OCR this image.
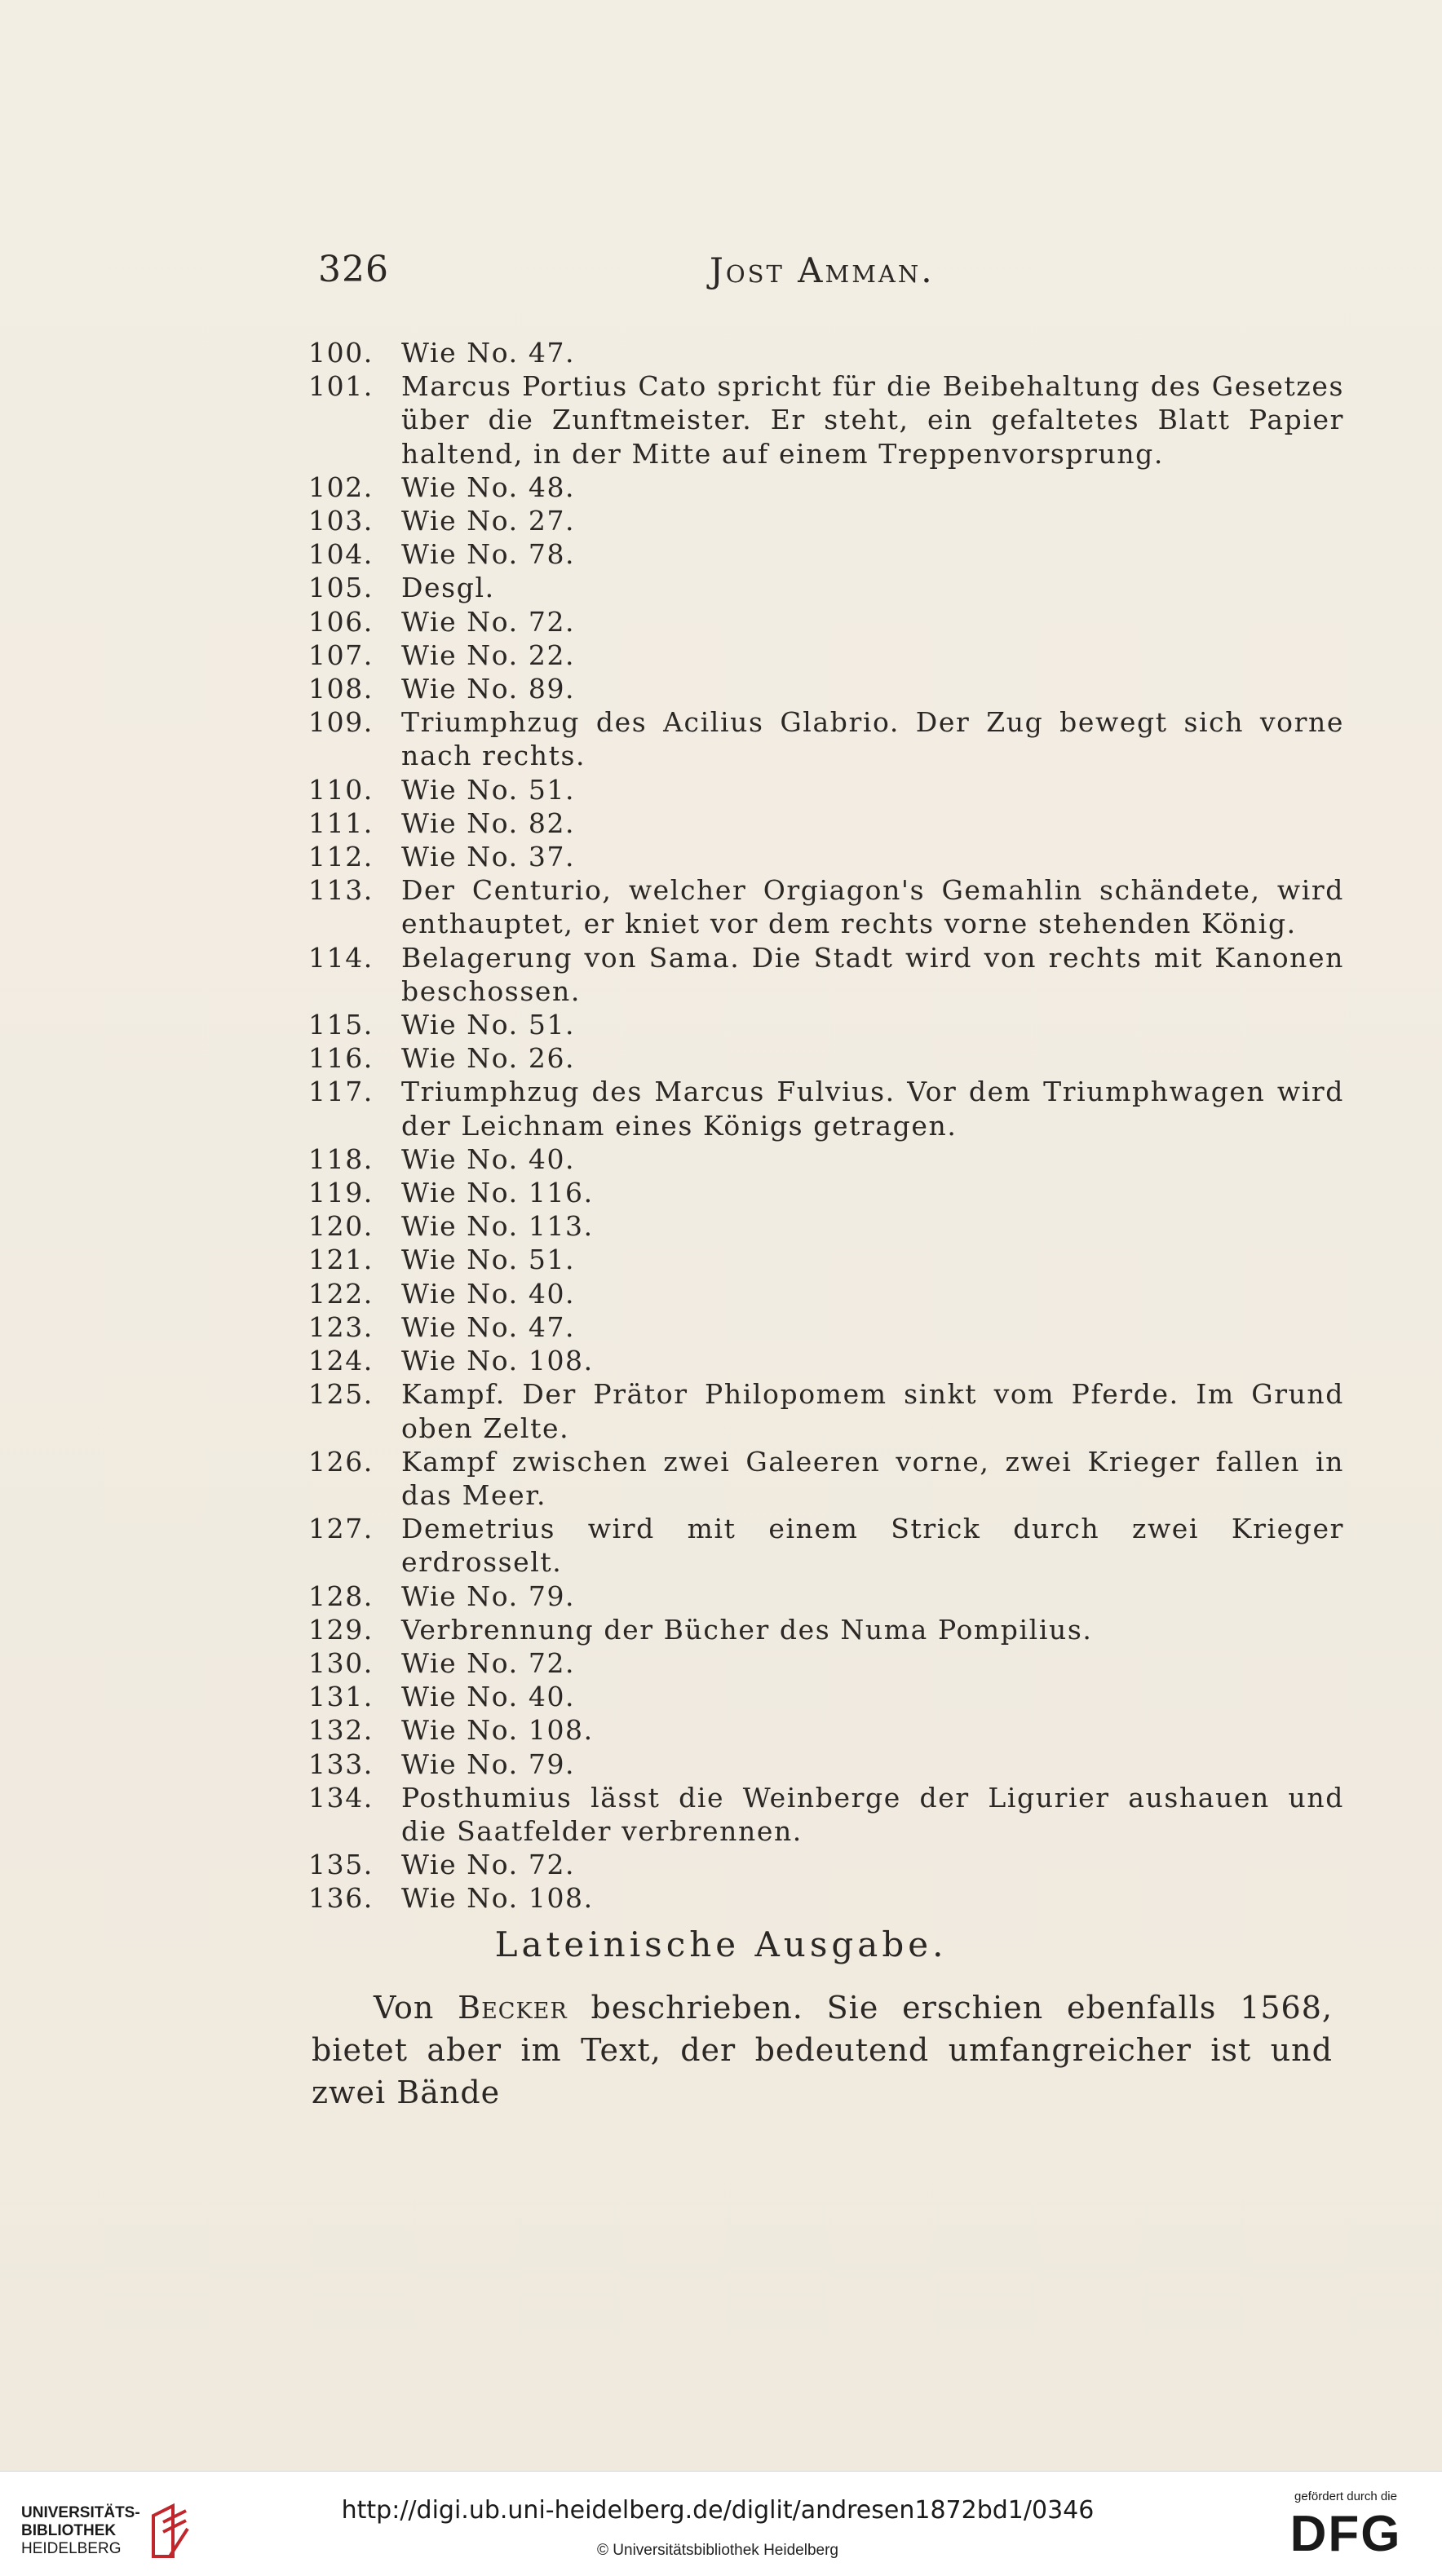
326	Jost Amman.
100.	Wie No. 47.
101.	Marcus Portius Cato spricht für die Beibehaltung des Gesetzes
über die Zunftmeister. Er steht, ein gefaltetes Blatt Papier
haltend, in der Mitte auf einem Treppenvorsprung.
102.	Wie No. 48.
103.	Wie No. 27.
104.	Wie No. 78.
105.	Desgl.
106.	Wie No. 72.
107.	Wie No. 22.
108.	Wie No. 89.
109.	Triumphzug des Acilius Glabrio. Der Zug bewegt sich vorne
nach rechts.
110.	Wie No. 51.
111.	Wie No. 82.
112.	Wie No. 37.
113.	Der Centurio, welcher Orgiagon's Gemahlin schändete, wird
enthauptet, er kniet vor dem rechts vorne stehenden König.
114.	Belagerung von Sama. Die Stadt wird von rechts mit Kanonen
beschossen.
115.	Wie No. 51.
116.	Wie No. 26.
117.	Triumphzug des Marcus Fulvius. Vor dem Triumphwagen wird
der Leichnam eines Königs getragen.
118.	Wie No. 40.
119.	Wie No. 116.
120.	Wie No. 113.
121.	Wie No. 51.
122.	Wie No. 40.
123.	Wie No. 47.
124.	Wie No. 108.
125.	Kampf. Der Prätor Philopomem sinkt vom Pferde. Im Grund
oben Zelte.
126.	Kampf zwischen zwei Galeeren vorne, zwei Krieger fallen in
das Meer.
127.	Demetrius wird mit einem Strick durch zwei Krieger erdrosselt.
128.	Wie No. 79.
129.	Verbrennung der Bücher des Numa Pompilius.
130.	Wie No. 72.
131.	Wie No. 40.
132.	Wie No. 108.
133.	Wie No. 79.
134.	Posthumius lässt die Weinberge der Ligurier aushauen und
die Saatfelder verbrennen.
135.	Wie No. 72.
136.	Wie No. 108.
Lateinische Ausgabe.
Von Becker beschrieben. Sie erschien ebenfalls 1568, bietet aber im Text, der bedeutend umfangreicher ist und zwei Bände
UNIVERSITÄTS-
BIBLIOTHEK
HEIDELBERG
http://digi.ub.uni-heidelberg.de/diglit/andresen1872bd1/0346
© Universitätsbibliothek Heidelberg
gefördert durch die
DFG
